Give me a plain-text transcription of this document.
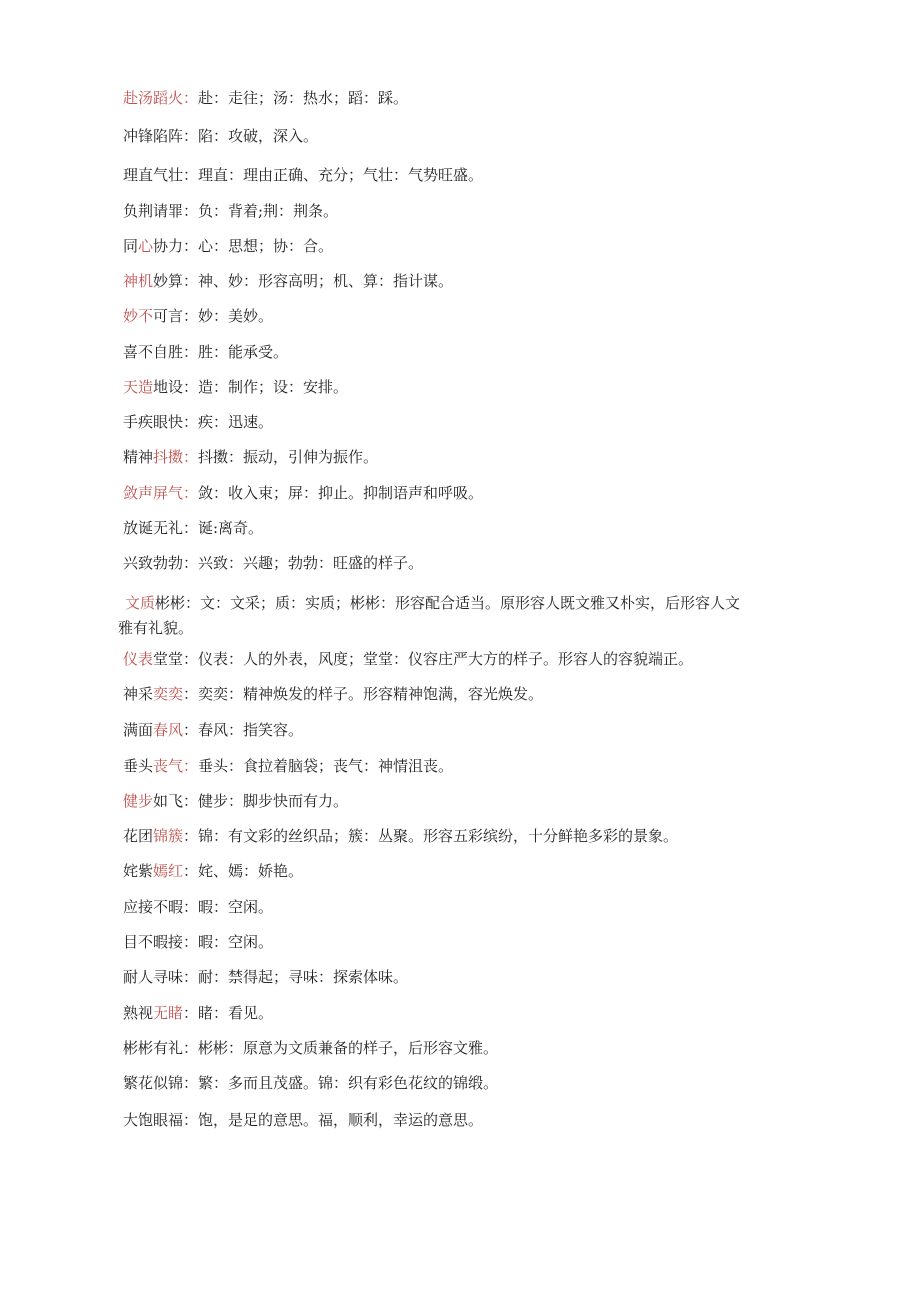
赴汤蹈火：赴：走往；汤：热水；蹈：踩。
冲锋陷阵：陷：攻破，深入。
理直气壮：理直：理由正确、充分；气壮：气势旺盛。
负荆请罪：负：背着;荆：荆条。
同心协力：心：思想；协：合。
神机妙算：神、妙：形容高明；机、算：指计谋。
妙不可言：妙：美妙。
喜不自胜：胜：能承受。
天造地设：造：制作；设：安排。
手疾眼快：疾：迅速。
精神抖擞：抖擞：振动，引伸为振作。
敛声屏气：敛：收入束；屏：抑止。抑制语声和呼吸。
放诞无礼：诞:离奇。
兴致勃勃：兴致：兴趣；勃勃：旺盛的样子。
文质彬彬：文：文采；质：实质；彬彬：形容配合适当。原形容人既文雅又朴实，后形容人文
雅有礼貌。
仪表堂堂：仪表：人的外表，风度；堂堂：仪容庄严大方的样子。形容人的容貌端正。
神采奕奕：奕奕：精神焕发的样子。形容精神饱满，容光焕发。
满面春风：春风：指笑容。
垂头丧气：垂头：食拉着脑袋；丧气：神情沮丧。
健步如飞：健步：脚步快而有力。
花团锦簇：锦：有文彩的丝织品；簇：丛聚。形容五彩缤纷，十分鲜艳多彩的景象。
姹紫嫣红：姹、嫣：娇艳。
应接不暇：暇：空闲。
目不暇接：暇：空闲。
耐人寻味：耐：禁得起；寻味：探索体味。
熟视无睹：睹：看见。
彬彬有礼：彬彬：原意为文质兼备的样子，后形容文雅。
繁花似锦：繁：多而且茂盛。锦：织有彩色花纹的锦缎。
大饱眼福：饱，是足的意思。福，顺利，幸运的意思。
